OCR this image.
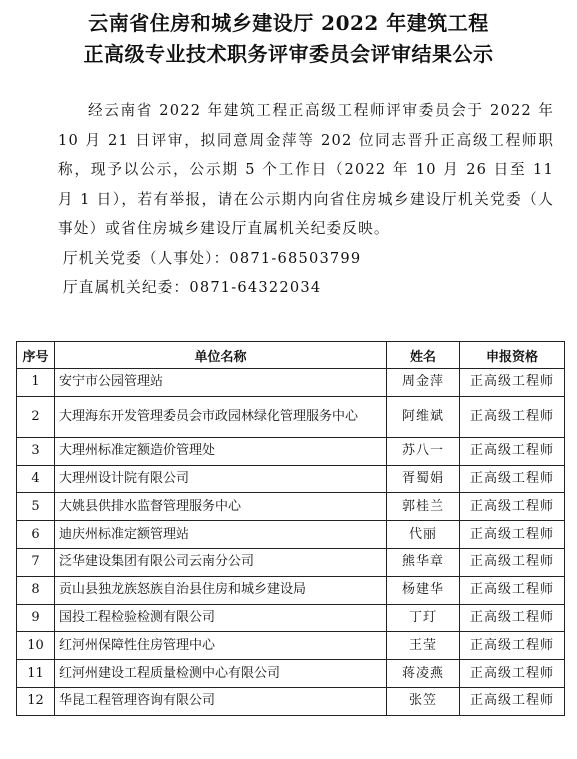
云南省住房和城乡建设厅 2022 年建筑工程
正高级专业技术职务评审委员会评审结果公示

经云南省 2022 年建筑工程正高级工程师评审委员会于 2022 年 10 月 21 日评审，拟同意周金萍等 202 位同志晋升正高级工程师职称，现予以公示，公示期 5 个工作日（2022 年 10 月 26 日至 11 月 1 日），若有举报，请在公示期内向省住房城乡建设厅机关党委（人事处）或省住房城乡建设厅直属机关纪委反映。

厅机关党委（人事处）：0871-68503799

厅直属机关纪委：0871-64322034

序号	单位名称	姓名	申报资格
1	安宁市公园管理站	周金萍	正高级工程师
2	大理海东开发管理委员会市政园林绿化管理服务中心	阿维斌	正高级工程师
3	大理州标准定额造价管理处	苏八一	正高级工程师
4	大理州设计院有限公司	胥蜀娟	正高级工程师
5	大姚县供排水监督管理服务中心	郭桂兰	正高级工程师
6	迪庆州标准定额管理站	代丽	正高级工程师
7	泛华建设集团有限公司云南分公司	熊华章	正高级工程师
8	贡山县独龙族怒族自治县住房和城乡建设局	杨建华	正高级工程师
9	国投工程检验检测有限公司	丁玎	正高级工程师
10	红河州保障性住房管理中心	王莹	正高级工程师
11	红河州建设工程质量检测中心有限公司	蒋凌燕	正高级工程师
12	华昆工程管理咨询有限公司	张笠	正高级工程师
